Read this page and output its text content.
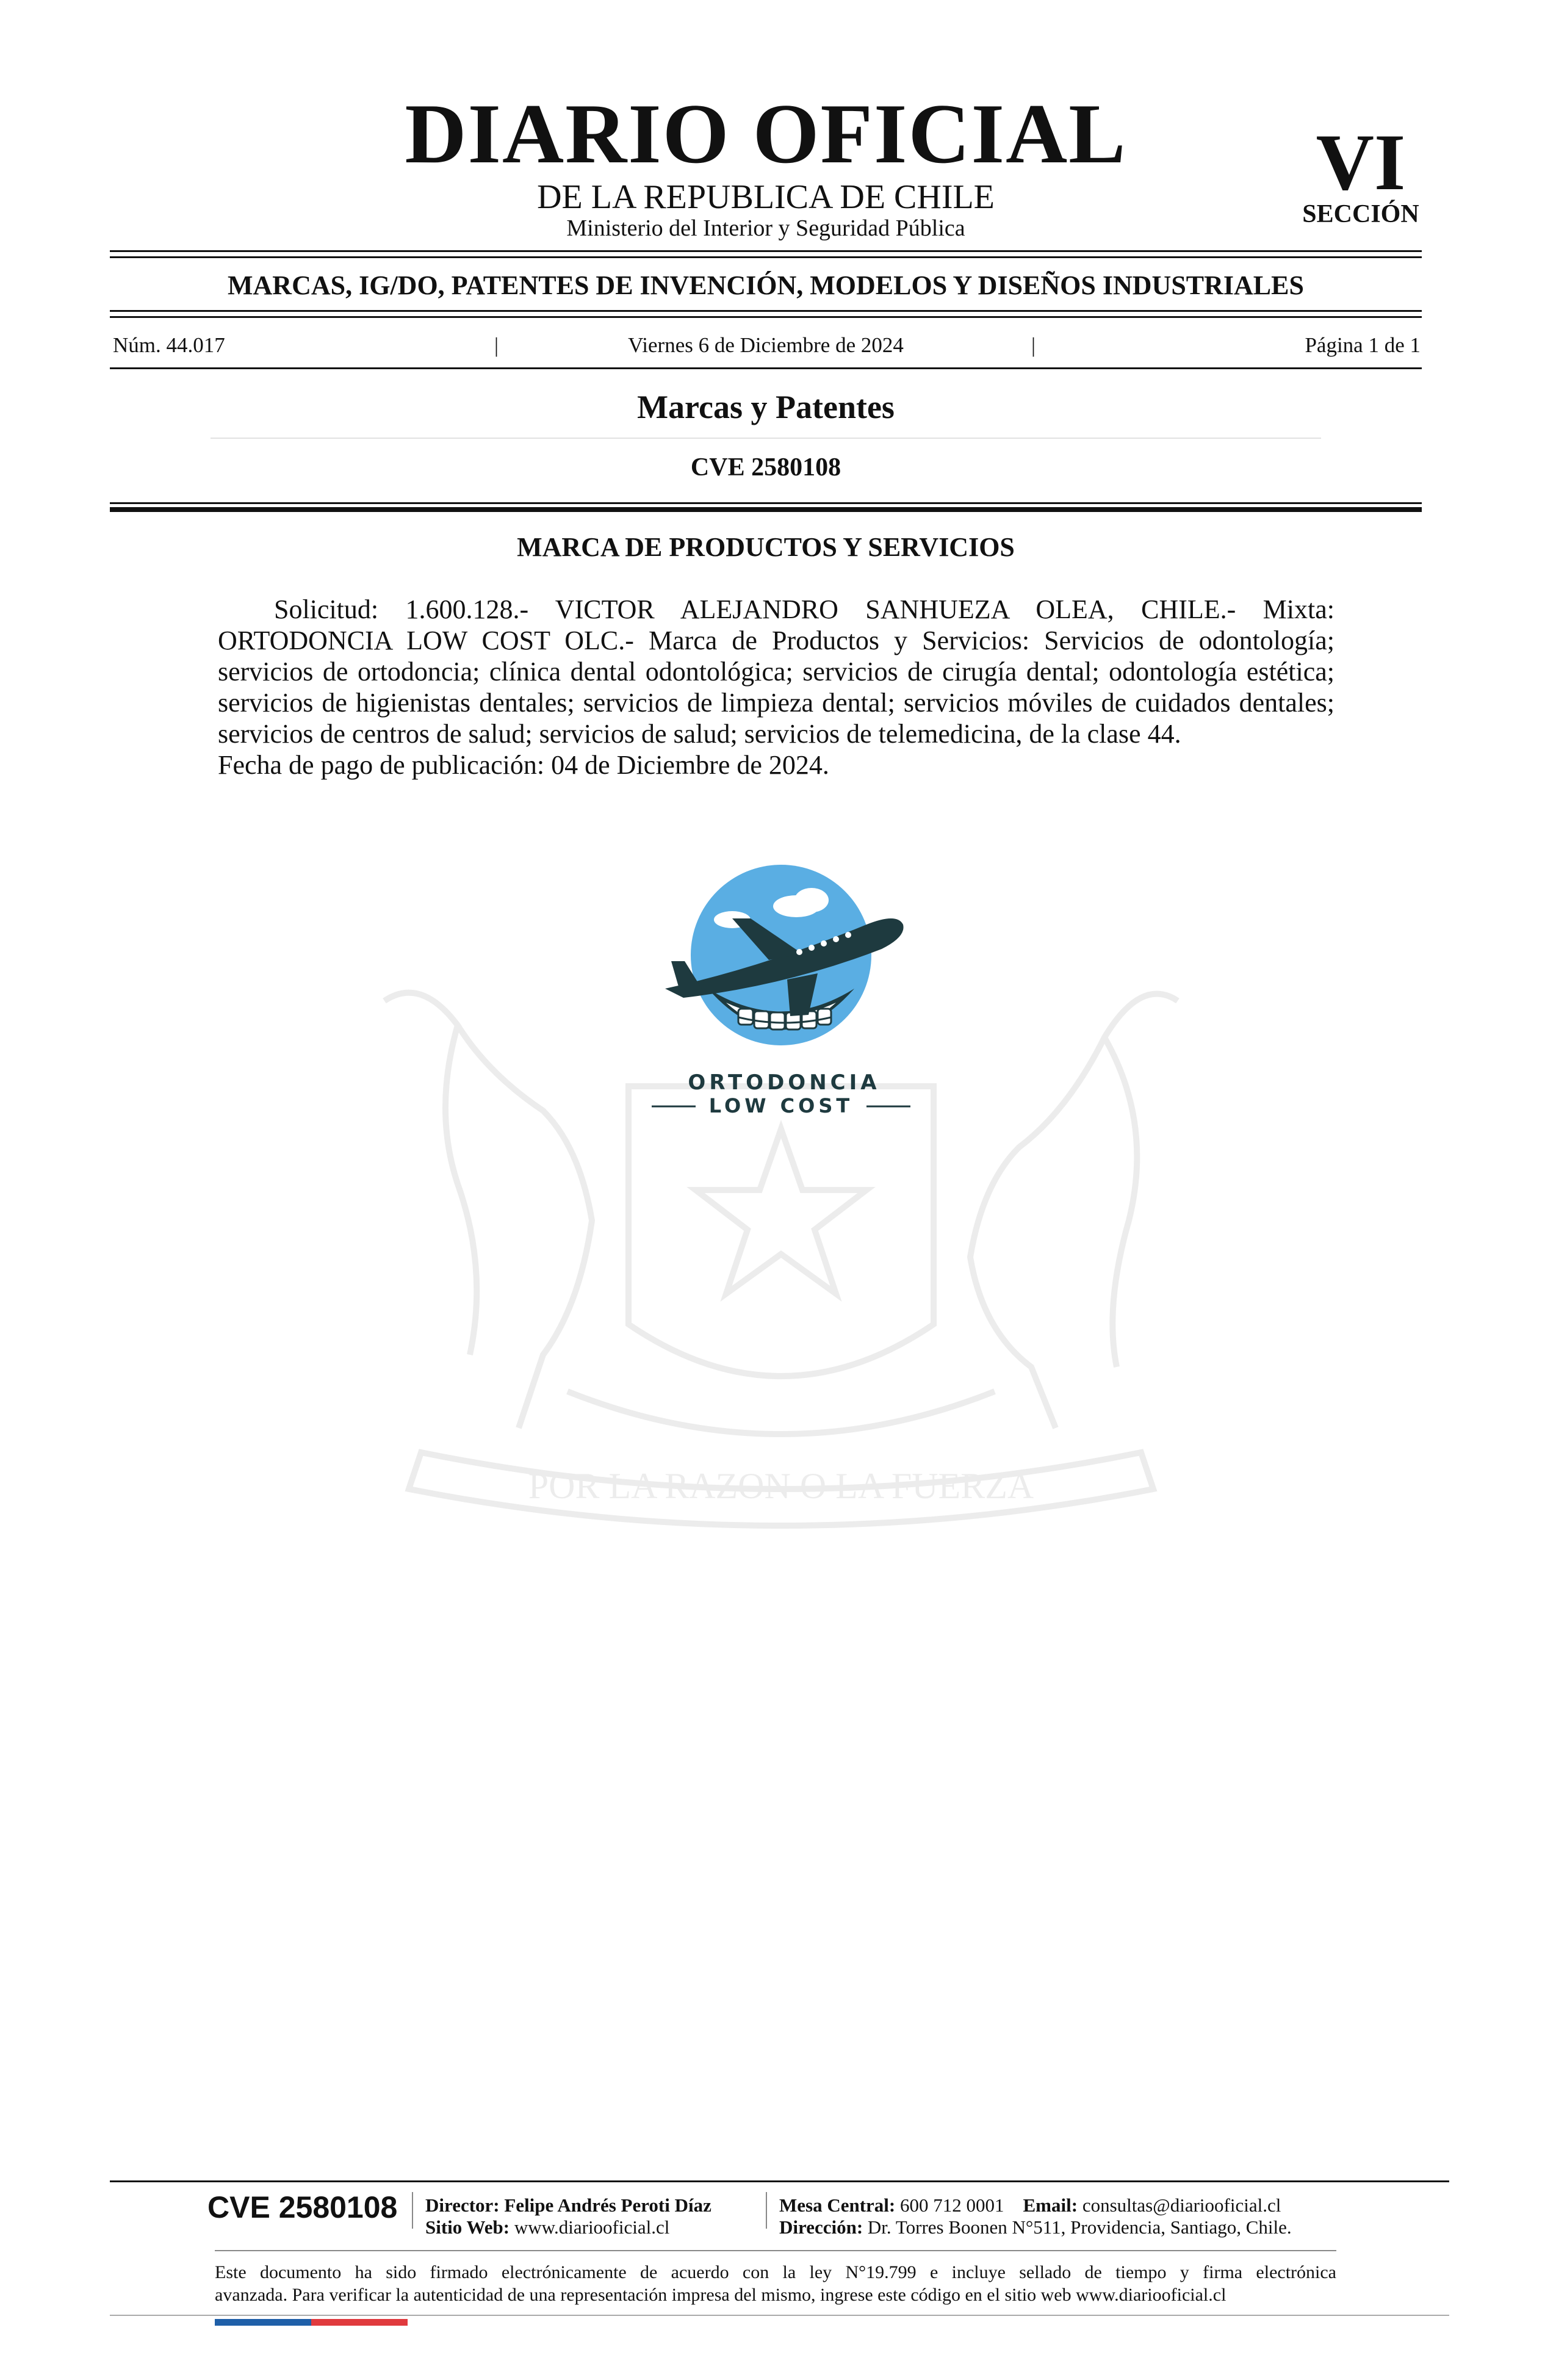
POR LA RAZON O LA FUERZA
DIARIO OFICIAL
DE LA REPUBLICA DE CHILE
Ministerio del Interior y Seguridad Pública
VI
SECCIÓN
MARCAS, IG/DO, PATENTES DE INVENCIÓN, MODELOS Y DISEÑOS INDUSTRIALES
Núm. 44.017	|	Viernes 6 de Diciembre de 2024	|	Página 1 de 1
Marcas y Patentes
CVE 2580108
MARCA DE PRODUCTOS Y SERVICIOS

Solicitud: 1.600.128.- VICTOR ALEJANDRO SANHUEZA OLEA, CHILE.- Mixta: ORTODONCIA LOW COST OLC.- Marca de Productos y Servicios: Servicios de odontología; servicios de ortodoncia; clínica dental odontológica; servicios de cirugía dental; odontología estética; servicios de higienistas dentales; servicios de limpieza dental; servicios móviles de cuidados dentales; servicios de centros de salud; servicios de salud; servicios de telemedicina, de la clase 44.

Fecha de pago de publicación: 04 de Diciembre de 2024.

ORTODONCIA
LOW COST
CVE 2580108 Director: Felipe Andrés Peroti Díaz
Sitio Web: www.diariooficial.cl
Mesa Central: 600 712 0001 Email: consultas@diariooficial.cl
Dirección: Dr. Torres Boonen N°511, Providencia, Santiago, Chile.
Este documento ha sido firmado electrónicamente de acuerdo con la ley N°19.799 e incluye sellado de tiempo y firma electrónica
avanzada. Para verificar la autenticidad de una representación impresa del mismo, ingrese este código en el sitio web www.diariooficial.cl
